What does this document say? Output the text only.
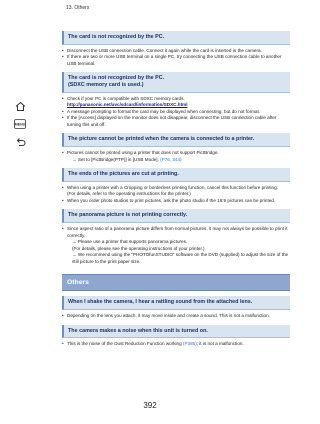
13. Others
MENU
The card is not recognized by the PC.
• Disconnect the USB connection cable. Connect it again while the card is inserted in the camera.
• If there are two or more USB terminal on a single PC, try connecting the USB connection cable to another USB terminal.
The card is not recognized by the PC.
(SDXC memory card is used.)
• Check if your PC is compatible with SDXC memory cards.
http://panasonic.net/avc/sdcard/information/SDXC.html
• A message prompting to format the card may be displayed when connecting, but do not format.
• If the [Access] displayed on the monitor does not disappear, disconnect the USB connection cable after turning this unit off.
The picture cannot be printed when the camera is connected to a printer.
• Pictures cannot be printed using a printer that does not support PictBridge.
→ Set to [PictBridge(PTP)] in [USB Mode]. (P76, 344)
The ends of the pictures are cut at printing.
• When using a printer with a Cropping or borderless printing function, cancel this function before printing.
(For details, refer to the operating instructions for the printer.)
• When you order photo studios to print pictures, ask the photo studio if the 16:9 pictures can be printed.
The panorama picture is not printing correctly.
• Since aspect ratio of a panorama picture differs from normal pictures, it may not always be possible to print it correctly.
→ Please use a printer that supports panorama pictures.
(For details, please see the operating instructions of your printer.)
→ We recommend using the “PHOTOfunSTUDIO” software on the DVD (supplied) to adjust the size of the still picture to the print paper size.
Others
When I shake the camera, I hear a rattling sound from the attached lens.
• Depending on the lens you attach, it may move inside and create a sound. This is not a malfunction.
The camera makes a noise when this unit is turned on.
• This is the noise of the Dust Reduction Function working (P385); it is not a malfunction.
392
